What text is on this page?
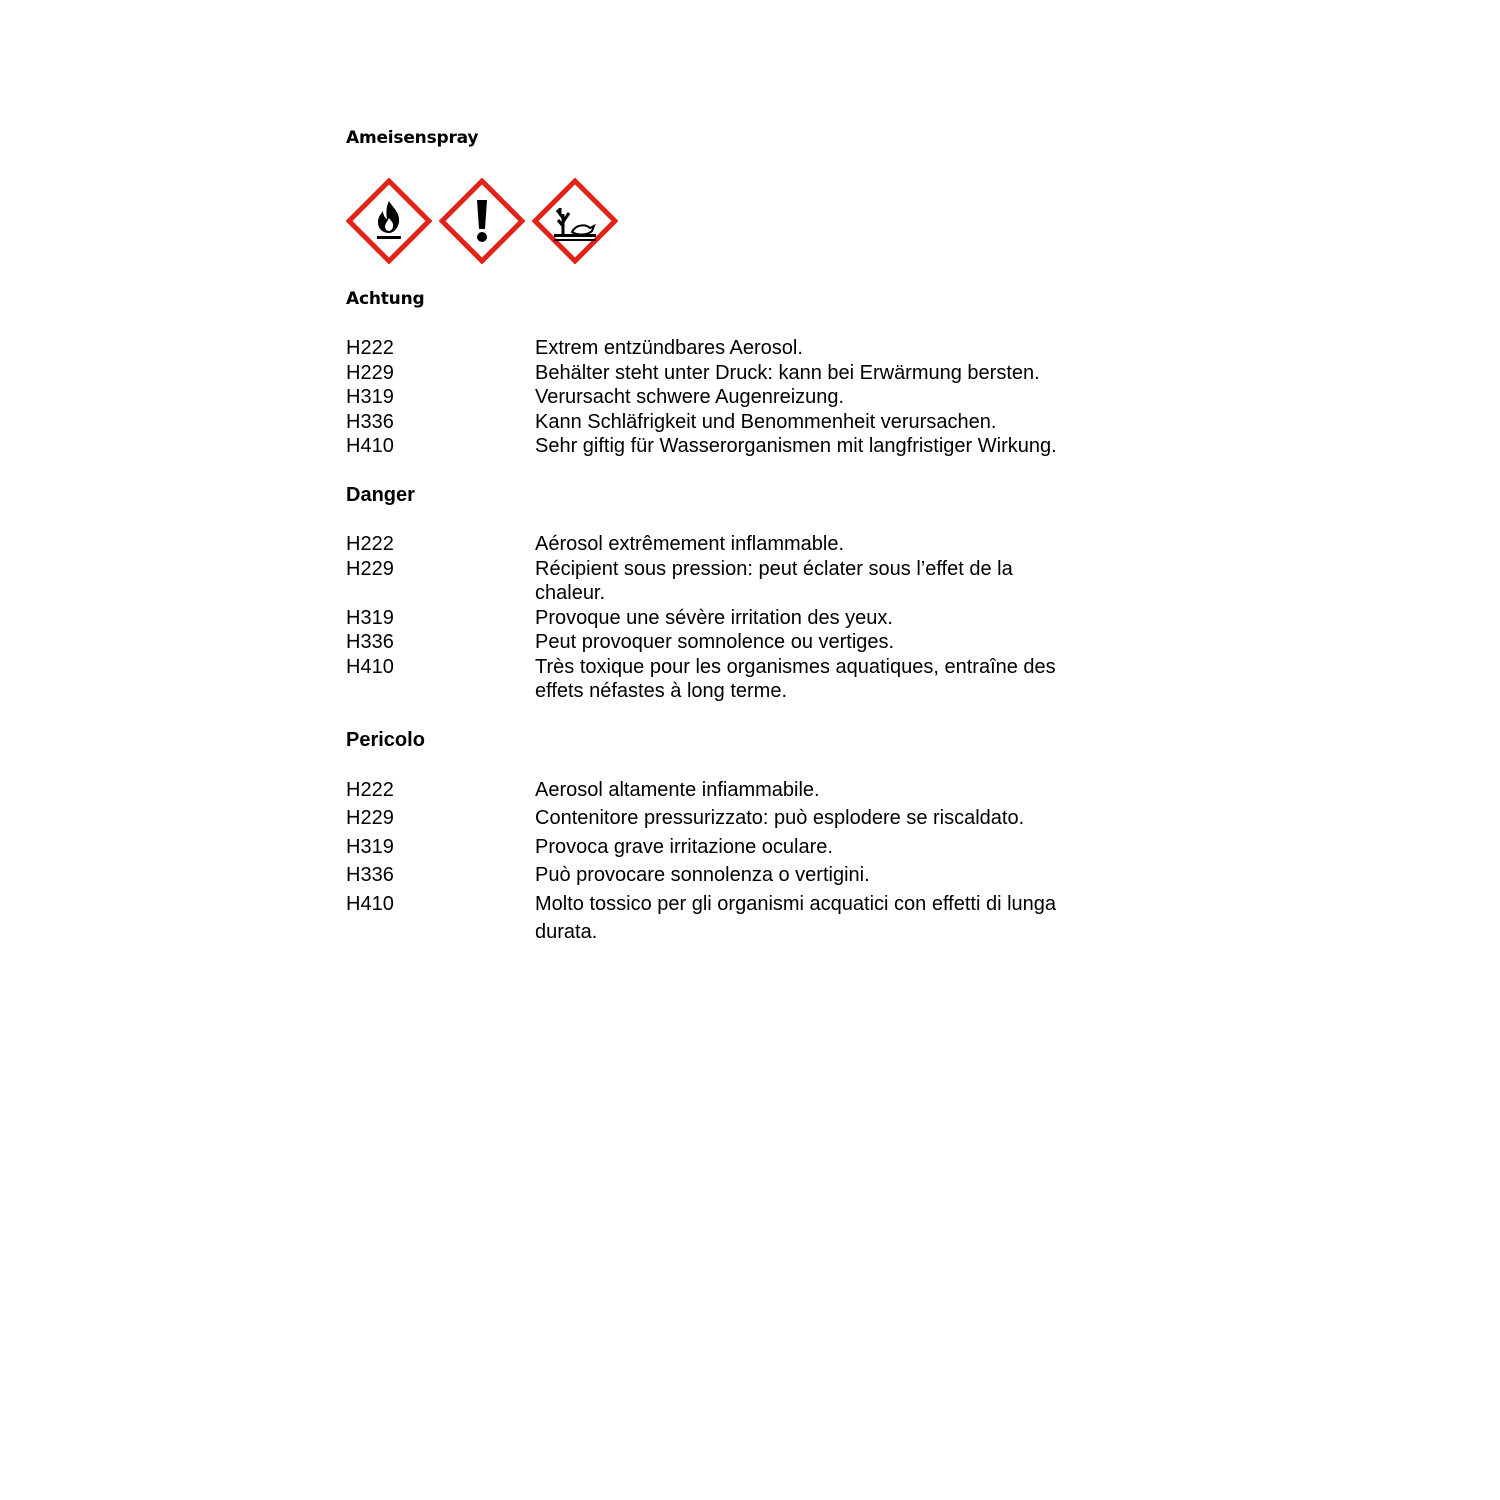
Ameisenspray
Achtung
H222	Extrem entzündbares Aerosol.
H229	Behälter steht unter Druck: kann bei Erwärmung bersten.
H319	Verursacht schwere Augenreizung.
H336	Kann Schläfrigkeit und Benommenheit verursachen.
H410	Sehr giftig für Wasserorganismen mit langfristiger Wirkung.
Danger
H222	Aérosol extrêmement inflammable.
H229	Récipient sous pression: peut éclater sous l’effet de la chaleur.
H319	Provoque une sévère irritation des yeux.
H336	Peut provoquer somnolence ou vertiges.
H410	Très toxique pour les organismes aquatiques, entraîne des effets néfastes à long terme.
Pericolo
H222	Aerosol altamente infiammabile.
H229	Contenitore pressurizzato: può esplodere se riscaldato.
H319	Provoca grave irritazione oculare.
H336	Può provocare sonnolenza o vertigini.
H410	Molto tossico per gli organismi acquatici con effetti di lunga durata.
